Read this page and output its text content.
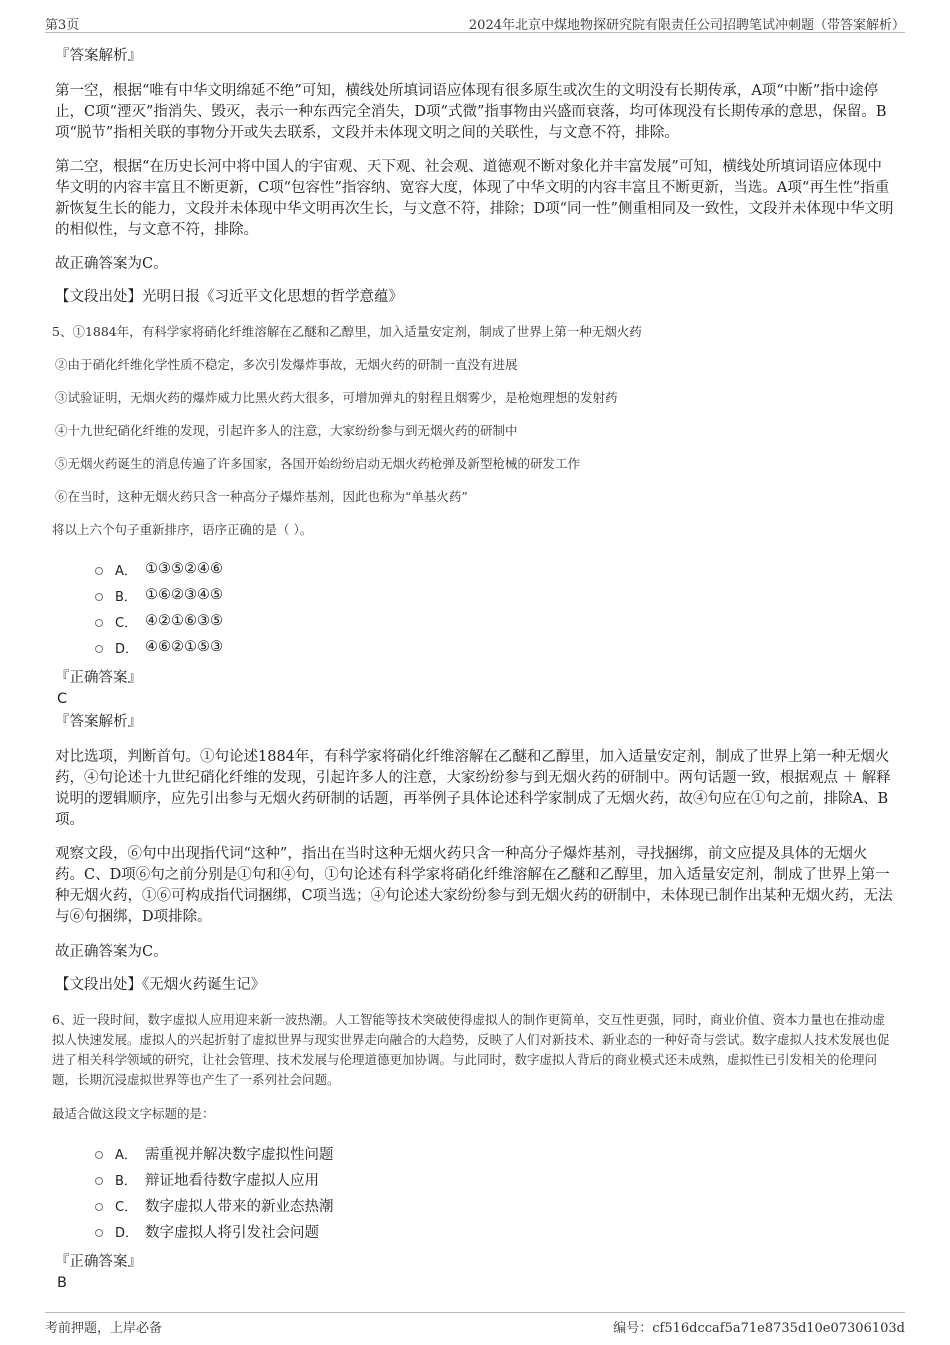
第3页	2024年北京中煤地物探研究院有限责任公司招聘笔试冲刺题（带答案解析）
『答案解析』
第一空，根据“唯有中华文明绵延不绝”可知，横线处所填词语应体现有很多原生或次生的文明没有长期传承，A项“中断”指中途停止，C项“湮灭”指消失、毁灭，表示一种东西完全消失，D项“式微”指事物由兴盛而衰落，均可体现没有长期传承的意思，保留。B项“脱节”指相关联的事物分开或失去联系，文段并未体现文明之间的关联性，与文意不符，排除。
第二空，根据“在历史长河中将中国人的宇宙观、天下观、社会观、道德观不断对象化并丰富发展”可知，横线处所填词语应体现中华文明的内容丰富且不断更新，C项“包容性”指容纳、宽容大度，体现了中华文明的内容丰富且不断更新，当选。A项“再生性”指重新恢复生长的能力，文段并未体现中华文明再次生长，与文意不符，排除；D项“同一性”侧重相同及一致性，文段并未体现中华文明的相似性，与文意不符，排除。
故正确答案为C。
【文段出处】光明日报《习近平文化思想的哲学意蕴》
5、①1884年，有科学家将硝化纤维溶解在乙醚和乙醇里，加入适量安定剂，制成了世界上第一种无烟火药
②由于硝化纤维化学性质不稳定，多次引发爆炸事故，无烟火药的研制一直没有进展
③试验证明，无烟火药的爆炸威力比黑火药大很多，可增加弹丸的射程且烟雾少，是枪炮理想的发射药
④十九世纪硝化纤维的发现，引起许多人的注意，大家纷纷参与到无烟火药的研制中
⑤无烟火药诞生的消息传遍了许多国家，各国开始纷纷启动无烟火药枪弹及新型枪械的研发工作
⑥在当时，这种无烟火药只含一种高分子爆炸基剂，因此也称为“单基火药”
将以上六个句子重新排序，语序正确的是（ ）。
A． ①③⑤②④⑥
B． ①⑥②③④⑤
C． ④②①⑥③⑤
D． ④⑥②①⑤③
『正确答案』
C
『答案解析』
对比选项，判断首句。①句论述1884年，有科学家将硝化纤维溶解在乙醚和乙醇里，加入适量安定剂，制成了世界上第一种无烟火药，④句论述十九世纪硝化纤维的发现，引起许多人的注意，大家纷纷参与到无烟火药的研制中。两句话题一致，根据观点 ＋ 解释说明的逻辑顺序，应先引出参与无烟火药研制的话题，再举例子具体论述科学家制成了无烟火药，故④句应在①句之前，排除A、B项。
观察文段，⑥句中出现指代词“这种”，指出在当时这种无烟火药只含一种高分子爆炸基剂，寻找捆绑，前文应提及具体的无烟火药。C、D项⑥句之前分别是①句和④句，①句论述有科学家将硝化纤维溶解在乙醚和乙醇里，加入适量安定剂，制成了世界上第一种无烟火药，①⑥可构成指代词捆绑，C项当选；④句论述大家纷纷参与到无烟火药的研制中，未体现已制作出某种无烟火药，无法与⑥句捆绑，D项排除。
故正确答案为C。
【文段出处】《无烟火药诞生记》
6、近一段时间，数字虚拟人应用迎来新一波热潮。人工智能等技术突破使得虚拟人的制作更简单，交互性更强，同时，商业价值、资本力量也在推动虚拟人快速发展。虚拟人的兴起折射了虚拟世界与现实世界走向融合的大趋势，反映了人们对新技术、新业态的一种好奇与尝试。数字虚拟人技术发展也促进了相关科学领域的研究，让社会管理、技术发展与伦理道德更加协调。与此同时，数字虚拟人背后的商业模式还未成熟，虚拟性已引发相关的伦理问题，长期沉浸虚拟世界等也产生了一系列社会问题。
最适合做这段文字标题的是：
A． 需重视并解决数字虚拟性问题
B． 辩证地看待数字虚拟人应用
C． 数字虚拟人带来的新业态热潮
D． 数字虚拟人将引发社会问题
『正确答案』
B
考前押题，上岸必备	编号：cf516dccaf5a71e8735d10e07306103d
